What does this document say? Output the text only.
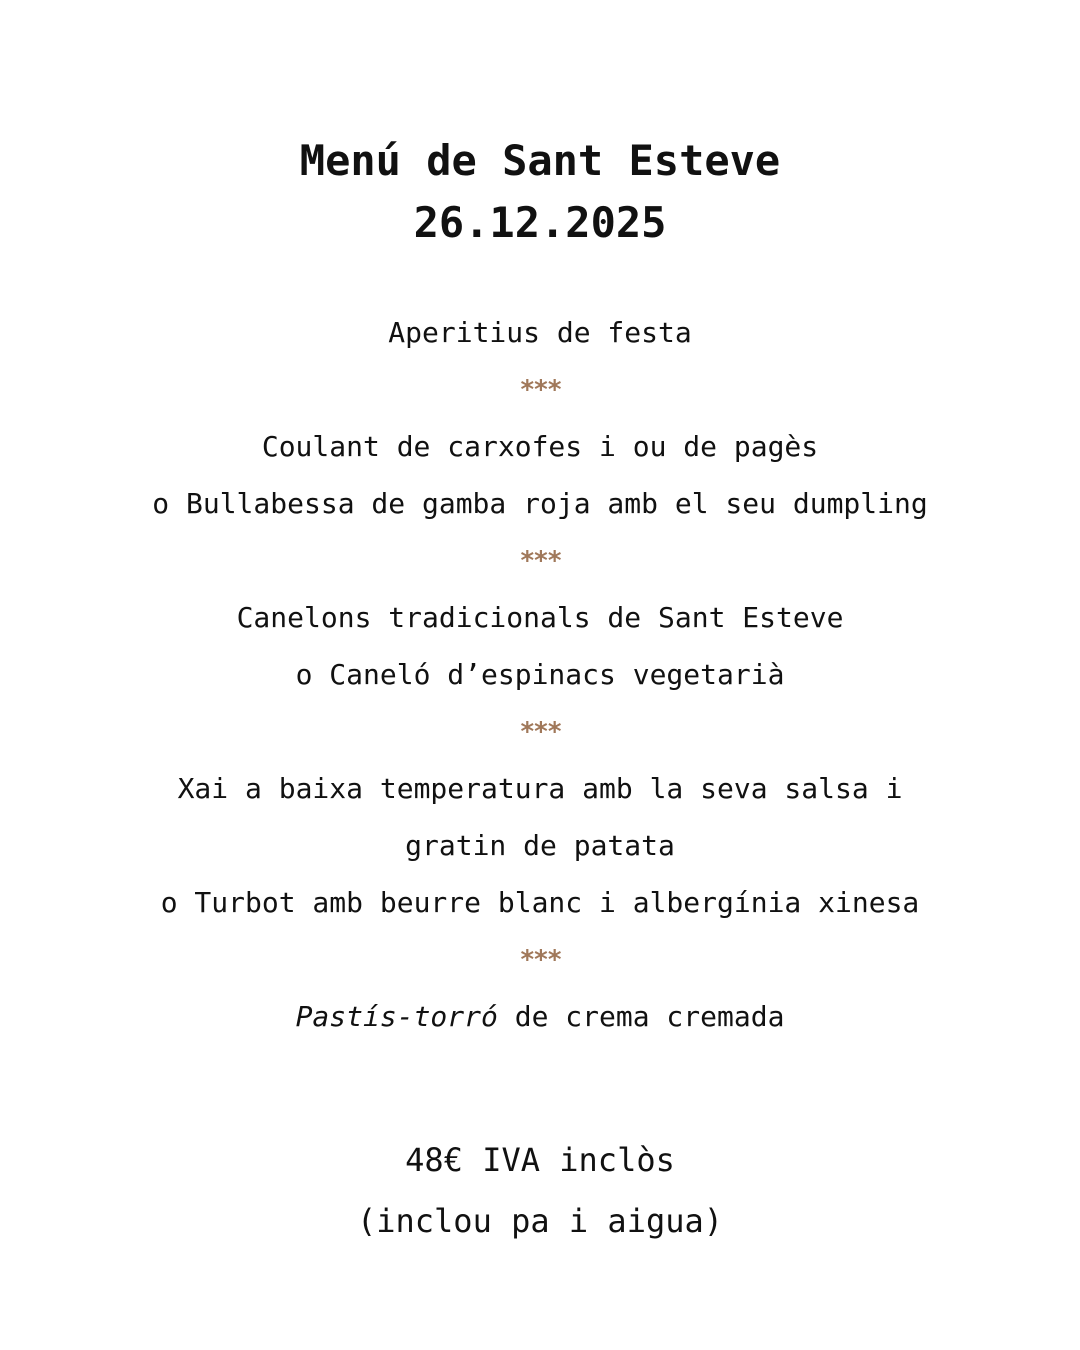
Menú de Sant Esteve
26.12.2025
Aperitius de festa
***
Coulant de carxofes i ou de pagès
o Bullabessa de gamba roja amb el seu dumpling
***
Canelons tradicionals de Sant Esteve
o Caneló d’espinacs vegetarià
***
Xai a baixa temperatura amb la seva salsa i
gratin de patata
o Turbot amb beurre blanc i albergínia xinesa
***
Pastís-torró de crema cremada
48€ IVA inclòs
(inclou pa i aigua)
